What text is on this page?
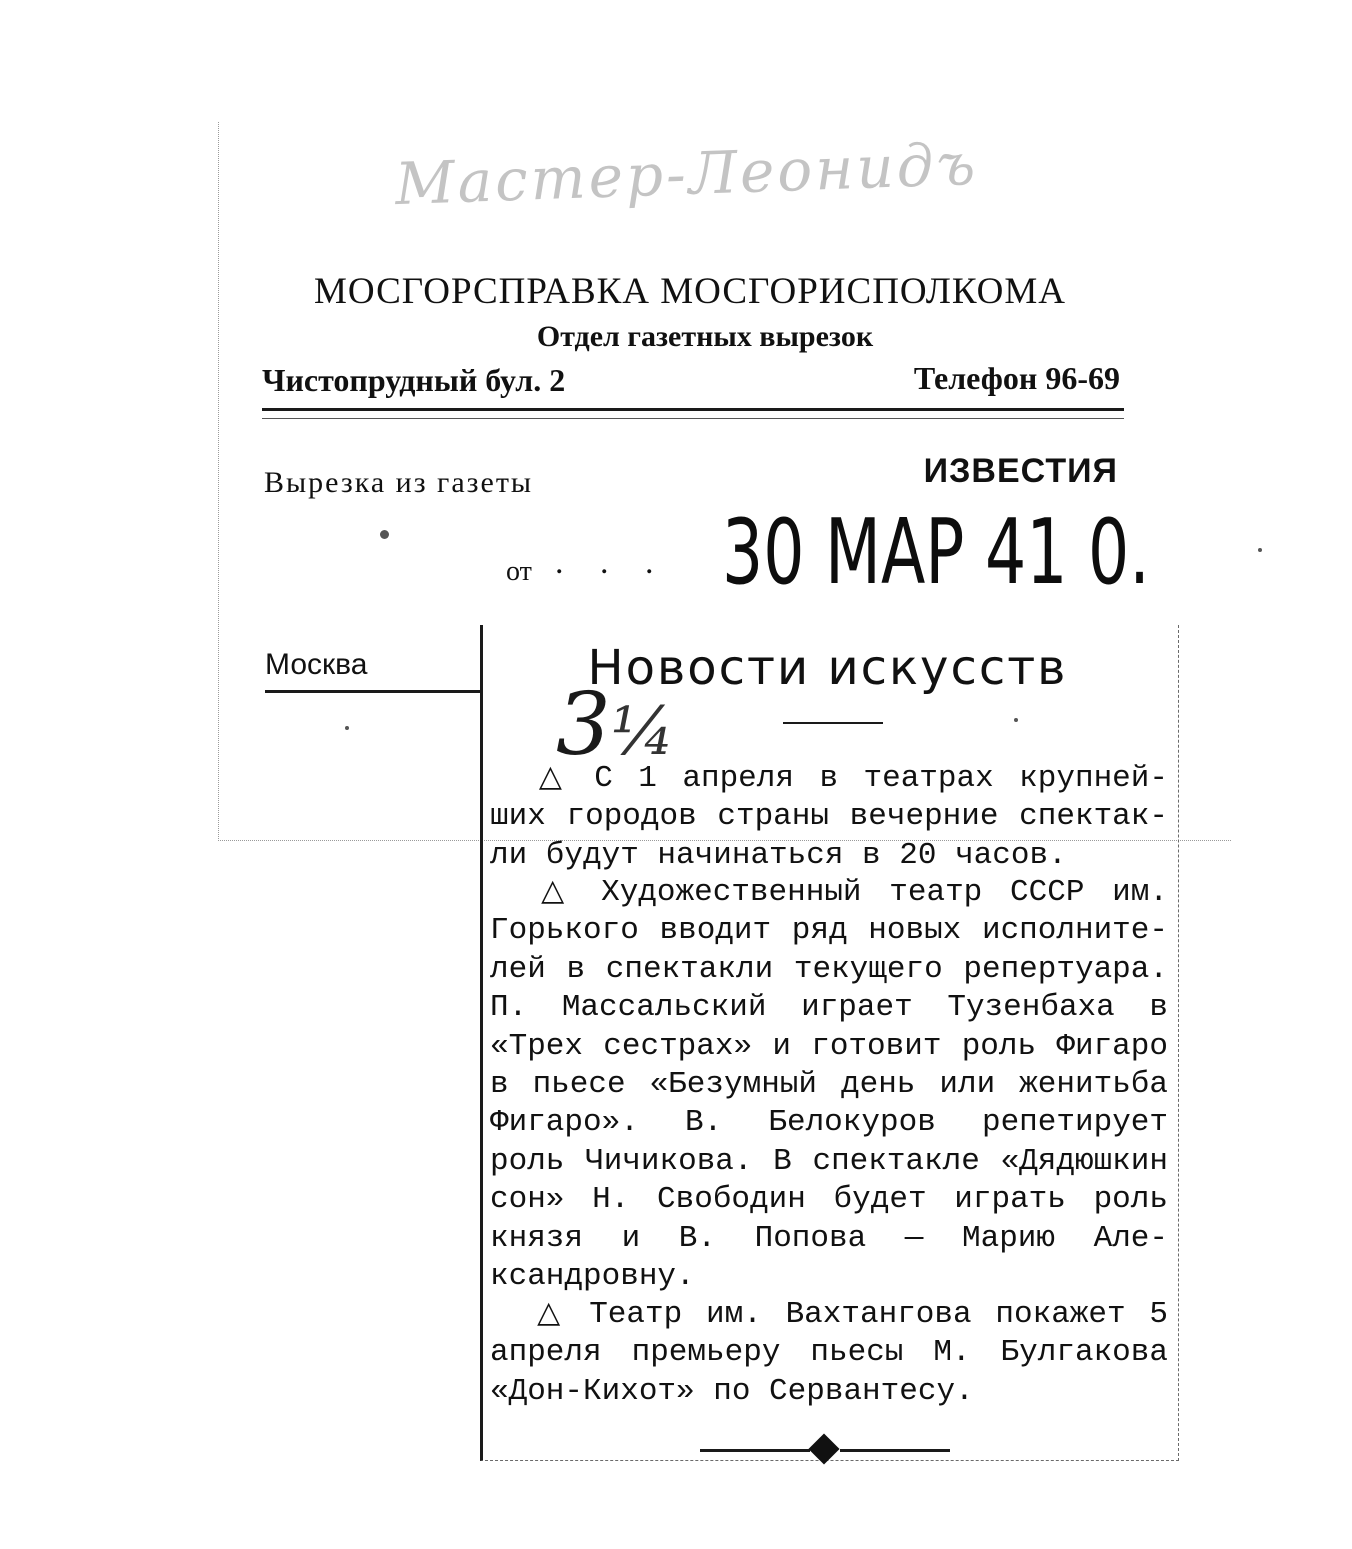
Мастер-Леонидъ
МОСГОРСПРАВКА МОСГОРИСПОЛКОМА
Отдел газетных вырезок
Чистопрудный бул. 2	Телефон 96-69
Вырезка из газеты	ИЗВЕСТИЯ
от . . . 30 МАР 41 0.
Москва	Новости искусств
3¼
△ С 1 апреля в театрах крупней-ших городов страны вечерние спектак-ли будут начинаться в 20 часов.
△ Художественный театр СССР им. Горького вводит ряд новых исполните-лей в спектакли текущего репертуара. П. Массальский играет Тузенбаха в «Трех сестрах» и готовит роль Фигаро в пьесе «Безумный день или женитьба Фигаро». В. Белокуров репетирует роль Чичикова. В спектакле «Дядюшкин сон» Н. Свободин будет играть роль князя и В. Попова — Марию Але-ксандровну.
△ Театр им. Вахтангова покажет 5 апреля премьеру пьесы М. Булгакова «Дон-Кихот» по Сервантесу.
